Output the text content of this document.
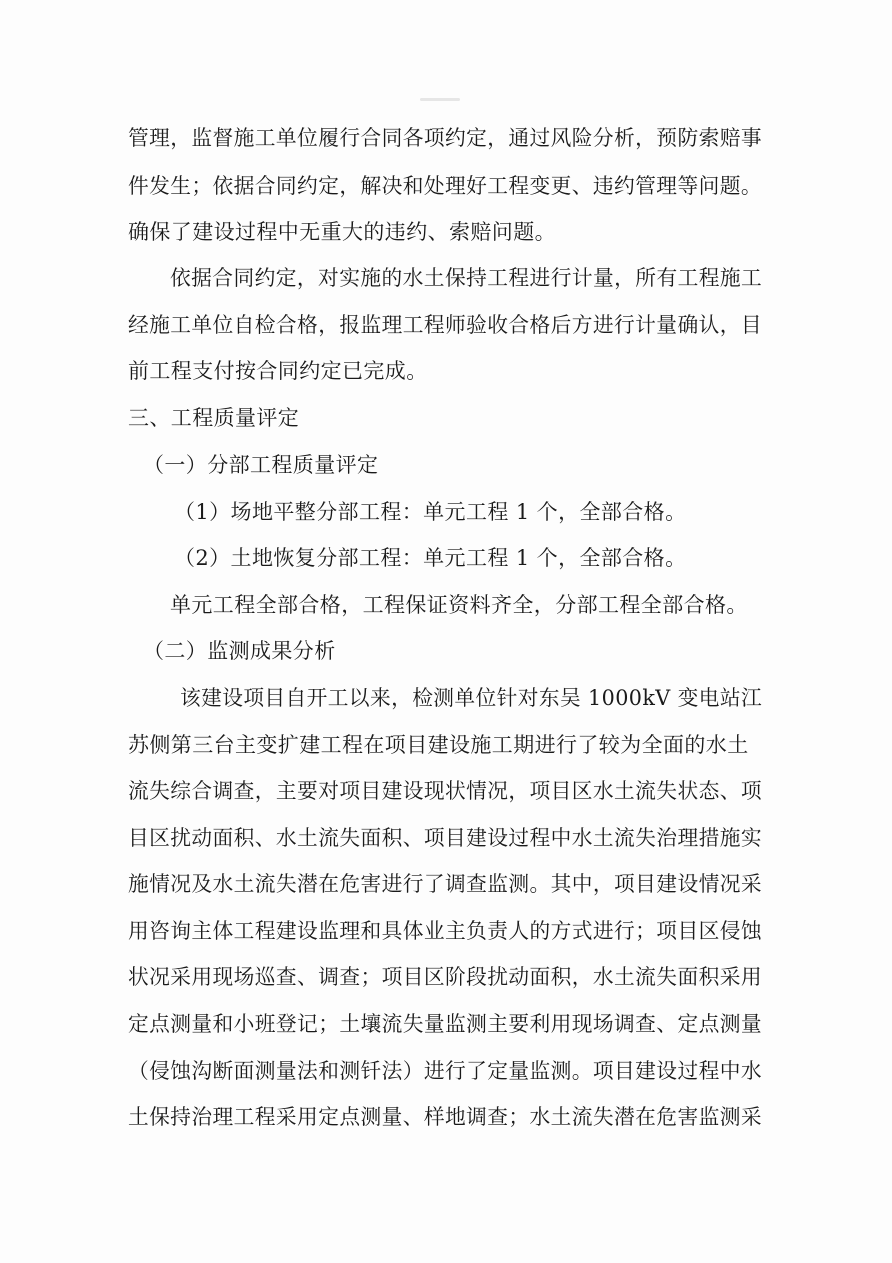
管理，监督施工单位履行合同各项约定，通过风险分析，预防索赔事
件发生；依据合同约定，解决和处理好工程变更、违约管理等问题。
确保了建设过程中无重大的违约、索赔问题。
依据合同约定，对实施的水土保持工程进行计量，所有工程施工
经施工单位自检合格，报监理工程师验收合格后方进行计量确认，目
前工程支付按合同约定已完成。
三、工程质量评定
（一）分部工程质量评定
（1）场地平整分部工程：单元工程 1 个，全部合格。
（2）土地恢复分部工程：单元工程 1 个，全部合格。
单元工程全部合格，工程保证资料齐全，分部工程全部合格。
（二）监测成果分析
该建设项目自开工以来，检测单位针对东吴 1000kV 变电站江
苏侧第三台主变扩建工程在项目建设施工期进行了较为全面的水土
流失综合调查，主要对项目建设现状情况，项目区水土流失状态、项
目区扰动面积、水土流失面积、项目建设过程中水土流失治理措施实
施情况及水土流失潜在危害进行了调查监测。其中，项目建设情况采
用咨询主体工程建设监理和具体业主负责人的方式进行；项目区侵蚀
状况采用现场巡查、调查；项目区阶段扰动面积，水土流失面积采用
定点测量和小班登记；土壤流失量监测主要利用现场调查、定点测量
（侵蚀沟断面测量法和测钎法）进行了定量监测。项目建设过程中水
土保持治理工程采用定点测量、样地调查；水土流失潜在危害监测采
